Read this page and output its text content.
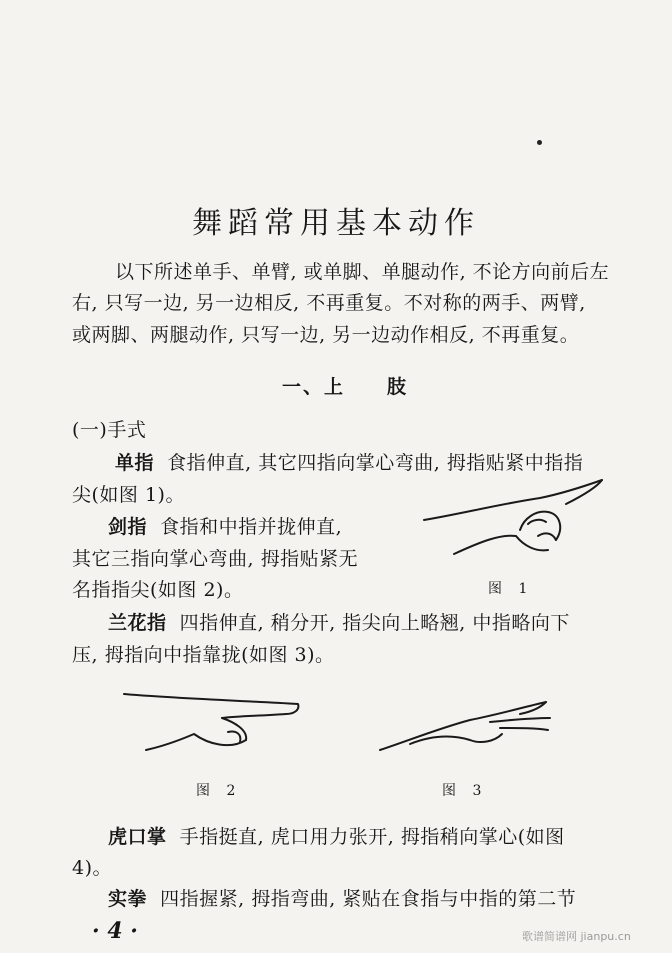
舞蹈常用基本动作
以下所述单手、单臂, 或单脚、单腿动作, 不论方向前后左
右, 只写一边, 另一边相反, 不再重复。不对称的两手、两臂,
或两脚、两腿动作, 只写一边, 另一边动作相反, 不再重复。
一、上　　肢
(一)手式
单指 食指伸直, 其它四指向掌心弯曲, 拇指贴紧中指指
尖(如图 1)。
剑指 食指和中指并拢伸直,
其它三指向掌心弯曲, 拇指贴紧无
名指指尖(如图 2)。	图 1
兰花指 四指伸直, 稍分开, 指尖向上略翘, 中指略向下
压, 拇指向中指靠拢(如图 3)。
图 2	图 3
虎口掌 手指挺直, 虎口用力张开, 拇指稍向掌心(如图
4)。
实拳 四指握紧, 拇指弯曲, 紧贴在食指与中指的第二节
· 4 ·	歌谱简谱网 jianpu.cn
